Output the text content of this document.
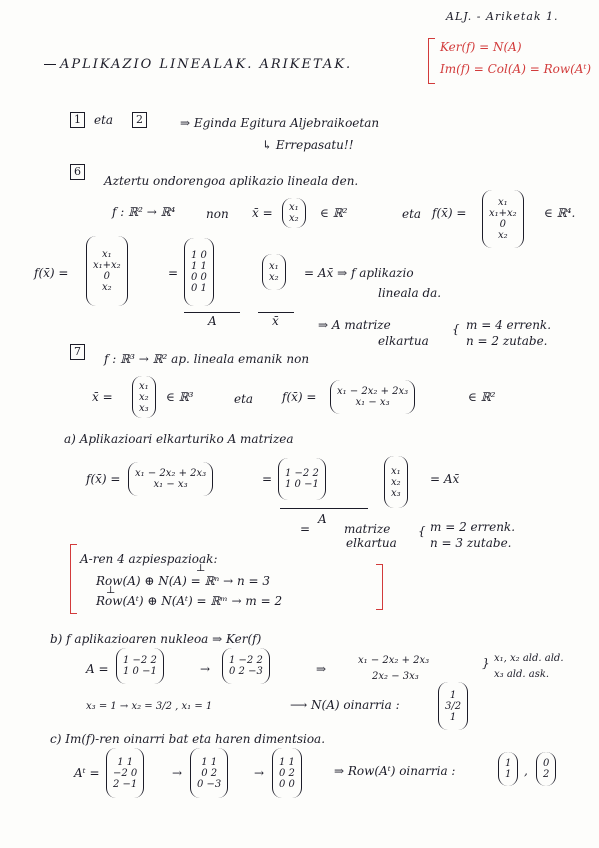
ALJ. - Ariketak 1.
APLIKAZIO LINEALAK. ARIKETAK.
Ker(f) = N(A)
Im(f) = Col(A) = Row(Aᵗ)
1	eta	2	⇒ Eginda Egitura Aljebraikoetan
↳ Errepasatu!!
6
Aztertu ondorengoa aplikazio lineala den.
f : ℝ² → ℝ⁴	non x̄ = x₁
x₂ ∈ ℝ²	eta f(x̄) =
x₁
x₁+x₂
0
x₂
∈ ℝ⁴.
f(x̄) =
x₁
x₁+x₂
0
x₂
=
1 0
1 1
0 0
0 1
x₁
x₂ = Ax̄ ⇒ f aplikazio
lineala da.
A	x̄	⇒ A matrize
elkartua
{ m = 4 errenk.
n = 2 zutabe.
7
f : ℝ³ → ℝ² ap. lineala emanik non
x̄ =
x₁
x₂
x₃
∈ ℝ³	eta f(x̄) = x₁ − 2x₂ + 2x₃
x₁ − x₃	∈ ℝ²
a) Aplikazioari elkarturiko A matrizea
f(x̄) = x₁ − 2x₂ + 2x₃
x₁ − x₃	= 1 −2 2
1 0 −1
x₁
x₂
x₃
= Ax̄
A
=	matrize
elkartua
{ m = 2 errenk.
n = 3 zutabe.
A-ren 4 azpiespazioak:
Row(A) ⊕ N(A) = ℝⁿ → n = 3
Row(Aᵗ) ⊕ N(Aᵗ) = ℝᵐ → m = 2
⊥
⊥
b) f aplikazioaren nukleoa ⇒ Ker(f)
A =
1 −2 2
1 0 −1	→
1 −2 2
0 2 −3	⇒
x₁ − 2x₂ + 2x₃
2x₂ − 3x₃
} x₁, x₂ ald. ald.
x₃ ald. ask.
x₃ = 1 → x₂ = 3/2 , x₁ = 1	⟶ N(A) oinarria :
1
3/2
1
c) Im(f)-ren oinarri bat eta haren dimentsioa.
Aᵗ =
1 1
−2 0
2 −1
→
1 1
0 2
0 −3
→
1 1
0 2
0 0
⇒ Row(Aᵗ) oinarria :
1
1 ,
0
2
